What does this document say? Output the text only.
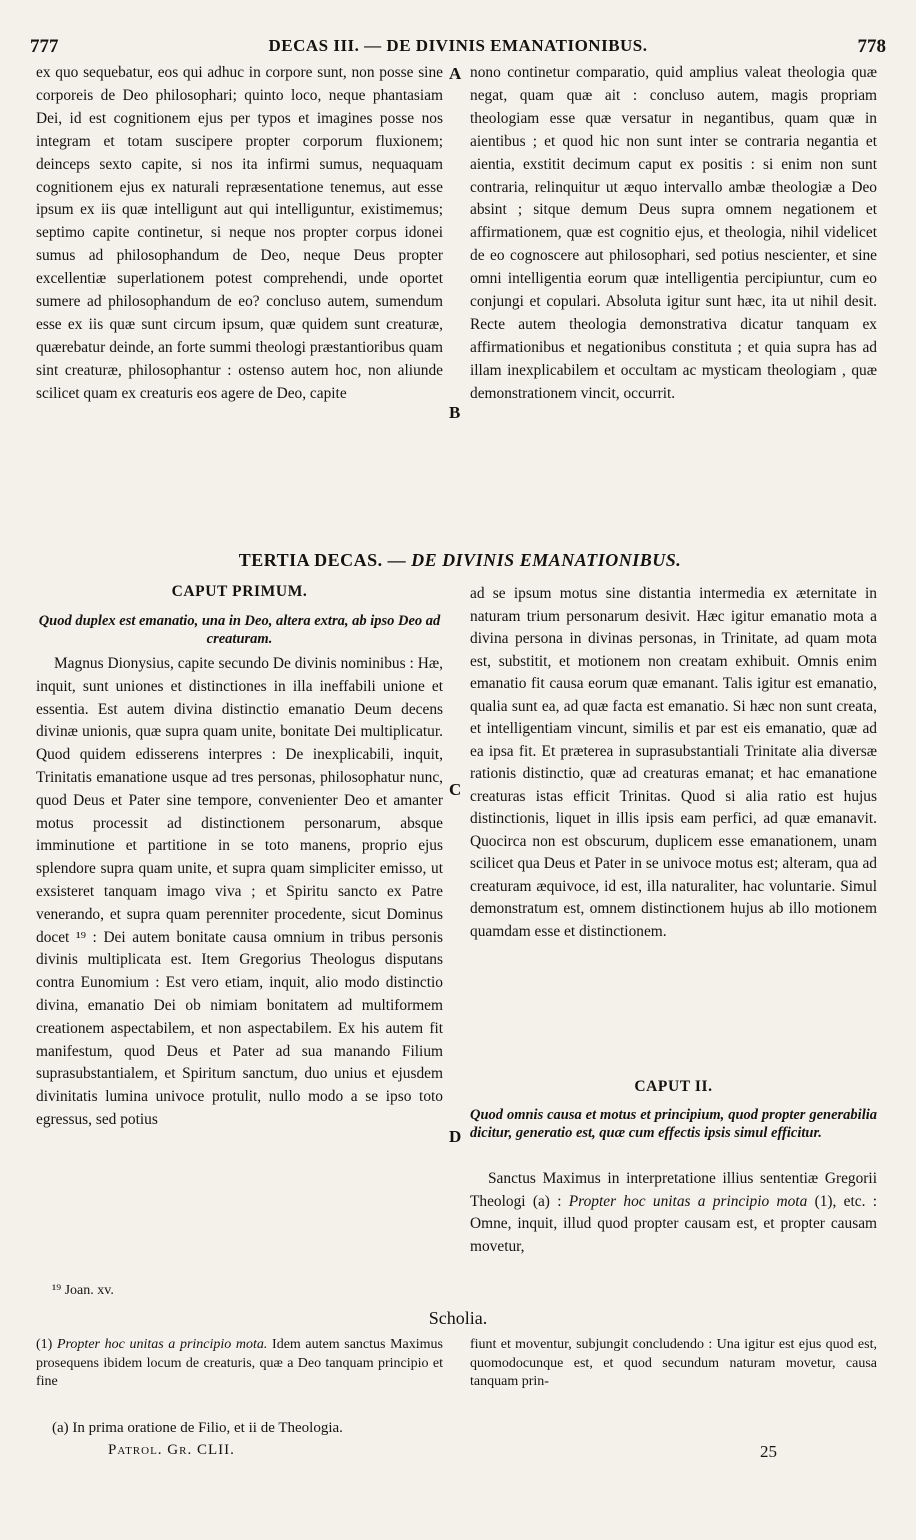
777	DECAS III. — DE DIVINIS EMANATIONIBUS.	778

ex quo sequebatur, eos qui adhuc in corpore sunt, non posse sine corporeis de Deo philosophari; quinto loco, neque phantasiam Dei, id est cognitionem ejus per typos et imagines posse nos integram et totam suscipere propter corporum fluxionem; deinceps sexto capite, si nos ita infirmi sumus, nequaquam cognitionem ejus ex naturali repræsentatione tenemus, aut esse ipsum ex iis quæ intelligunt aut qui intelliguntur, existimemus; septimo capite continetur, si neque nos propter corpus idonei sumus ad philosophandum de Deo, neque Deus propter excellentiæ superlationem potest comprehendi, unde oportet sumere ad philosophandum de eo? concluso autem, sumendum esse ex iis quæ sunt circum ipsum, quæ quidem sunt creaturæ, quærebatur deinde, an forte summi theologi præstantioribus quam sint creaturæ, philosophantur : ostenso autem hoc, non aliunde scilicet quam ex creaturis eos agere de Deo, capite

nono continetur comparatio, quid amplius valeat theologia quæ negat, quam quæ ait : concluso autem, magis propriam theologiam esse quæ versatur in negantibus, quam quæ in aientibus ; et quod hic non sunt inter se contraria negantia et aientia, exstitit decimum caput ex positis : si enim non sunt contraria, relinquitur ut æquo intervallo ambæ theologiæ a Deo absint ; sitque demum Deus supra omnem negationem et affirmationem, quæ est cognitio ejus, et theologia, nihil videlicet de eo cognoscere aut philosophari, sed potius nescienter, et sine omni intelligentia eorum quæ intelligentia percipiuntur, cum eo conjungi et copulari. Absoluta igitur sunt hæc, ita ut nihil desit. Recte autem theologia demonstrativa dicatur tanquam ex affirmationibus et negationibus constituta ; et quia supra has ad illam inexplicabilem et occultam ac mysticam theologiam , quæ demonstrationem vincit, occurrit.

A
B
TERTIA DECAS. — DE DIVINIS EMANATIONIBUS.
CAPUT PRIMUM.
Quod duplex est emanatio, una in Deo, altera extra, ab ipso Deo ad creaturam.

Magnus Dionysius, capite secundo De divinis nominibus : Hæ, inquit, sunt uniones et distinctiones in illa ineffabili unione et essentia. Est autem divina distinctio emanatio Deum decens divinæ unionis, quæ supra quam unite, bonitate Dei multiplicatur. Quod quidem edisserens interpres : De inexplicabili, inquit, Trinitatis emanatione usque ad tres personas, philosophatur nunc, quod Deus et Pater sine tempore, convenienter Deo et amanter motus processit ad distinctionem personarum, absque imminutione et partitione in se toto manens, proprio ejus splendore supra quam unite, et supra quam simpliciter emisso, ut exsisteret tanquam imago viva ; et Spiritu sancto ex Patre venerando, et supra quam perenniter procedente, sicut Dominus docet ¹⁹ : Dei autem bonitate causa omnium in tribus personis divinis multiplicata est. Item Gregorius Theologus disputans contra Eunomium : Est vero etiam, inquit, alio modo distinctio divina, emanatio Dei ob nimiam bonitatem ad multiformem creationem aspectabilem, et non aspectabilem. Ex his autem fit manifestum, quod Deus et Pater ad sua manando Filium suprasubstantialem, et Spiritum sanctum, duo unius et ejusdem divinitatis lumina univoce protulit, nullo modo a se ipso toto egressus, sed potius

ad se ipsum motus sine distantia intermedia ex æternitate in naturam trium personarum desivit. Hæc igitur emanatio mota a divina persona in divinas personas, in Trinitate, ad quam mota est, substitit, et motionem non creatam exhibuit. Omnis enim emanatio fit causa eorum quæ emanant. Talis igitur est emanatio, qualia sunt ea, ad quæ facta est emanatio. Si hæc non sunt creata, et intelligentiam vincunt, similis et par est eis emanatio, quæ ad ea ipsa fit. Et præterea in suprasubstantiali Trinitate alia diversæ rationis distinctio, quæ ad creaturas emanat; et hac emanatione creaturas istas efficit Trinitas. Quod si alia ratio est hujus distinctionis, liquet in illis ipsis eam perfici, ad quæ emanavit. Quocirca non est obscurum, duplicem esse emanationem, unam scilicet qua Deus et Pater in se univoce motus est; alteram, qua ad creaturam æquivoce, id est, illa naturaliter, hac voluntarie. Simul demonstratum est, omnem distinctionem hujus ab illo motionem quamdam esse et distinctionem.

C
D
CAPUT II.
Quod omnis causa et motus et principium, quod propter generabilia dicitur, generatio est, quæ cum effectis ipsis simul efficitur.

Sanctus Maximus in interpretatione illius sententiæ Gregorii Theologi (a) : Propter hoc unitas a principio mota (1), etc. : Omne, inquit, illud quod propter causam est, et propter causam movetur,

¹⁹ Joan. xv.
Scholia.
(1) Propter hoc unitas a principio mota. Idem autem sanctus Maximus prosequens ibidem locum de creaturis, quæ a Deo tanquam principio et fine
fiunt et moventur, subjungit concludendo : Una igitur est ejus quod est, quomodocunque est, et quod secundum naturam movetur, causa tanquam prin-
(a) In prima oratione de Filio, et ii de Theologia.
Patrol. Gr. CLII.	25
